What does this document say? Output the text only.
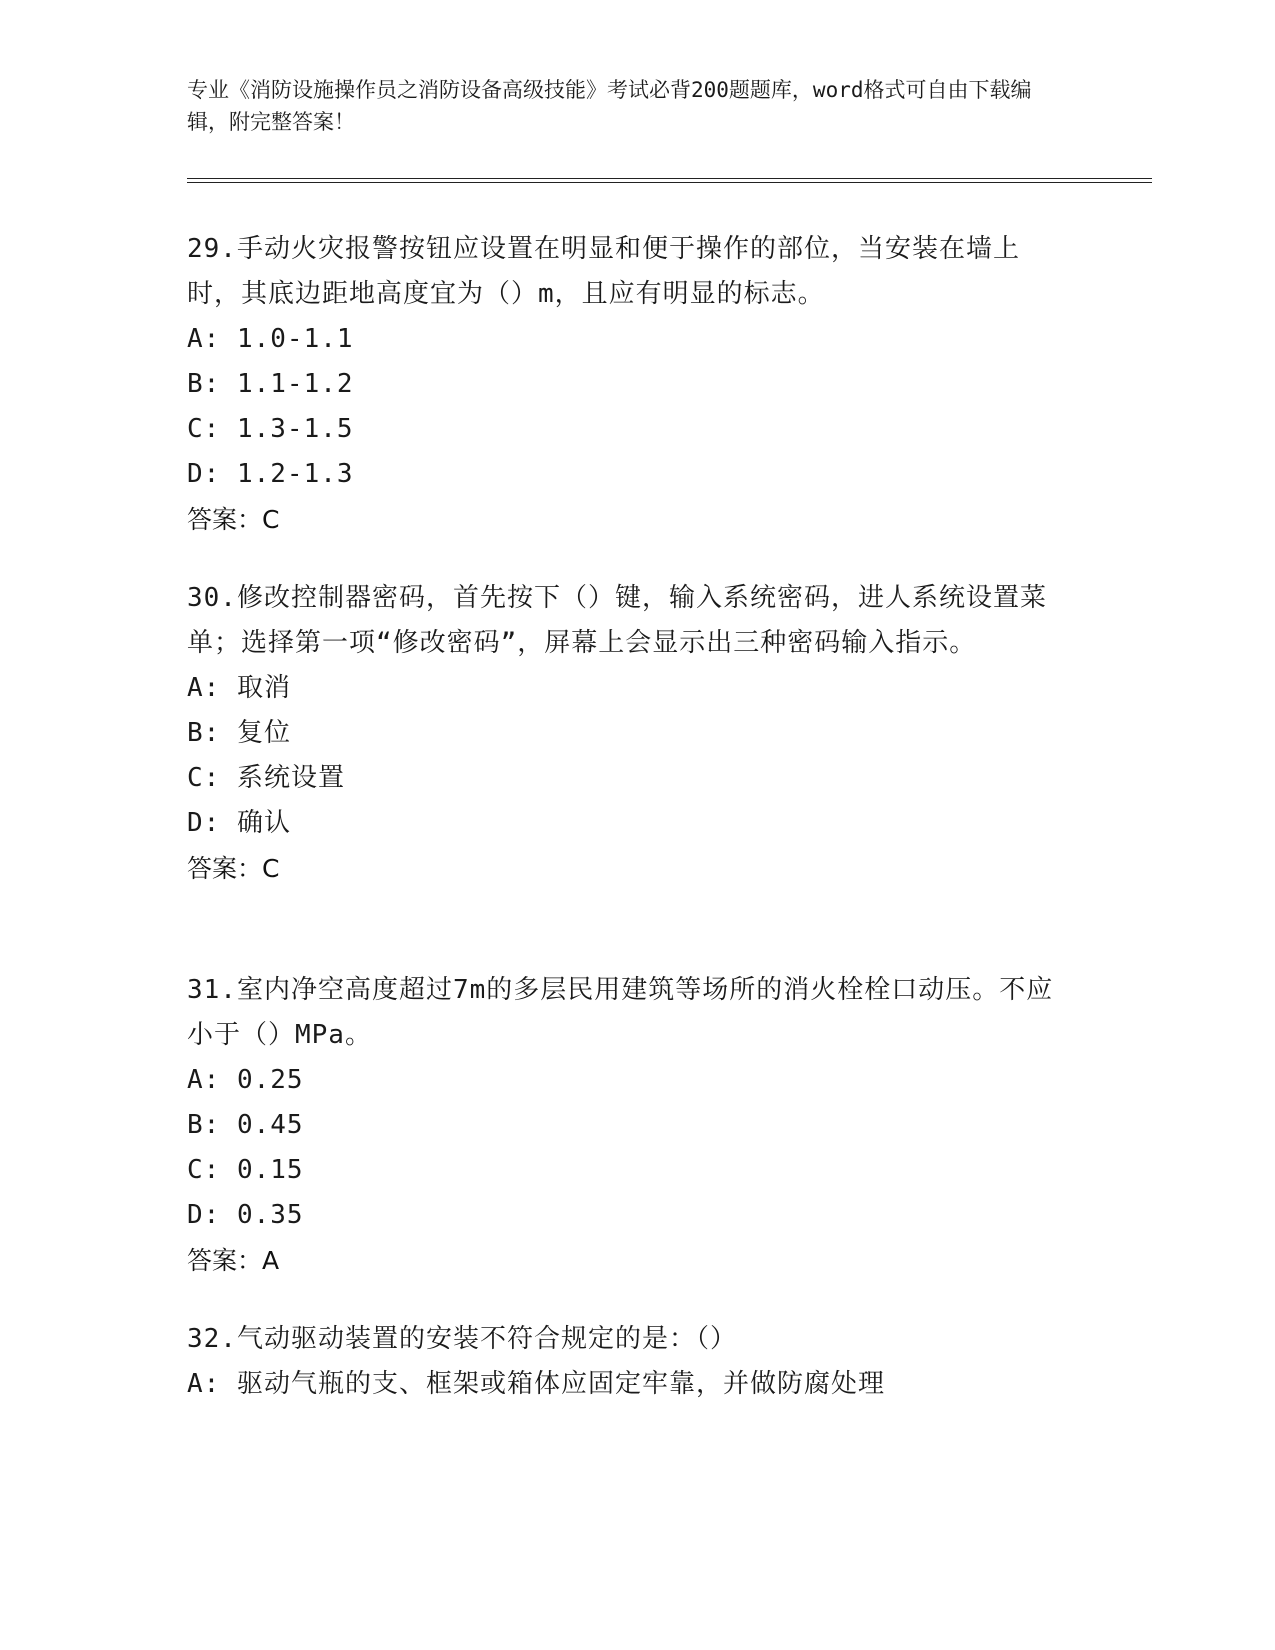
专业《消防设施操作员之消防设备高级技能》考试必背200题题库，word格式可自由下载编辑，附完整答案！

29.手动火灾报警按钮应设置在明显和便于操作的部位，当安装在墙上时，其底边距地高度宜为（）m，且应有明显的标志。

A: 1.0-1.1

B: 1.1-1.2

C: 1.3-1.5

D: 1.2-1.3

答案：C

30.修改控制器密码，首先按下（）键，输入系统密码，进人系统设置菜单；选择第一项“修改密码”，屏幕上会显示出三种密码输入指示。

A: 取消

B: 复位

C: 系统设置

D: 确认

答案：C

31.室内净空高度超过7m的多层民用建筑等场所的消火栓栓口动压。不应小于（）MPa。

A: 0.25

B: 0.45

C: 0.15

D: 0.35

答案：A

32.气动驱动装置的安装不符合规定的是：（）

A: 驱动气瓶的支、框架或箱体应固定牢靠，并做防腐处理
